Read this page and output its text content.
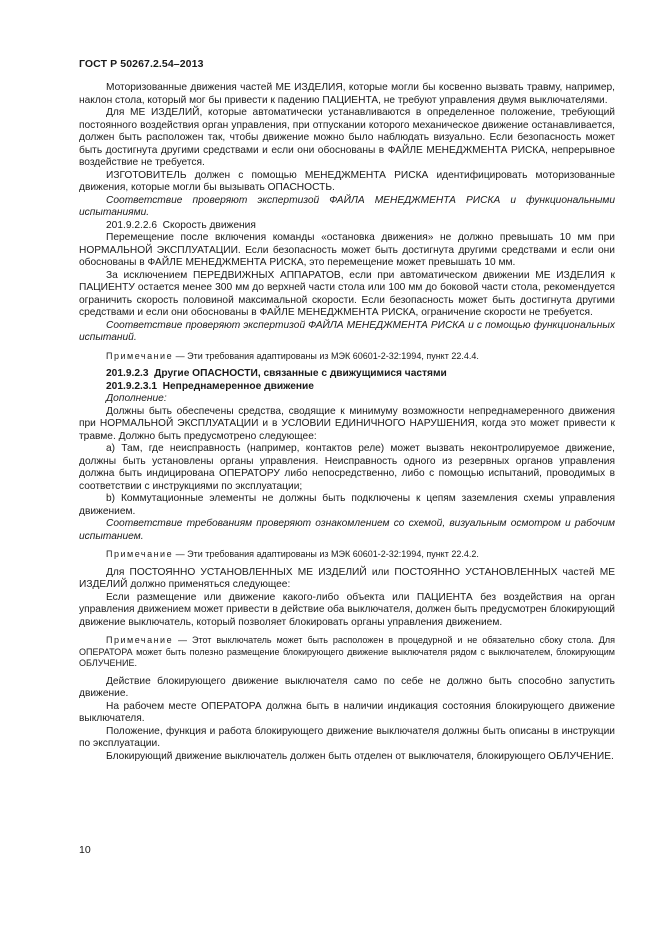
ГОСТ Р 50267.2.54–2013

Моторизованные движения частей МЕ ИЗДЕЛИЯ, которые могли бы косвенно вызвать травму, например, наклон стола, который мог бы привести к падению ПАЦИЕНТА, не требуют управления двумя выключателями.

Для МЕ ИЗДЕЛИЙ, которые автоматически устанавливаются в определенное положение, требующий постоянного воздействия орган управления, при отпускании которого механическое движение останавливается, должен быть расположен так, чтобы движение можно было наблюдать визуально. Если безопасность может быть достигнута другими средствами и если они обоснованы в ФАЙЛЕ МЕНЕДЖМЕНТА РИСКА, непрерывное воздействие не требуется.

ИЗГОТОВИТЕЛЬ должен с помощью МЕНЕДЖМЕНТА РИСКА идентифицировать моторизованные движения, которые могли бы вызывать ОПАСНОСТЬ.

Соответствие проверяют экспертизой ФАЙЛА МЕНЕДЖМЕНТА РИСКА и функциональными испытаниями.

201.9.2.2.6 Скорость движения

Перемещение после включения команды «остановка движения» не должно превышать 10 мм при НОРМАЛЬНОЙ ЭКСПЛУАТАЦИИ. Если безопасность может быть достигнута другими средствами и если они обоснованы в ФАЙЛЕ МЕНЕДЖМЕНТА РИСКА, это перемещение может превышать 10 мм.

За исключением ПЕРЕДВИЖНЫХ АППАРАТОВ, если при автоматическом движении МЕ ИЗДЕЛИЯ к ПАЦИЕНТУ остается менее 300 мм до верхней части стола или 100 мм до боковой части стола, рекомендуется ограничить скорость половиной максимальной скорости. Если безопасность может быть достигнута другими средствами и если они обоснованы в ФАЙЛЕ МЕНЕДЖМЕНТА РИСКА, ограничение скорости не требуется.

Соответствие проверяют экспертизой ФАЙЛА МЕНЕДЖМЕНТА РИСКА и с помощью функциональных испытаний.

Примечание — Эти требования адаптированы из МЭК 60601-2-32:1994, пункт 22.4.4.

201.9.2.3 Другие ОПАСНОСТИ, связанные с движущимися частями

201.9.2.3.1 Непреднамеренное движение

Дополнение:

Должны быть обеспечены средства, сводящие к минимуму возможности непреднамеренного движения при НОРМАЛЬНОЙ ЭКСПЛУАТАЦИИ и в УСЛОВИИ ЕДИНИЧНОГО НАРУШЕНИЯ, когда это может привести к травме. Должно быть предусмотрено следующее:

а) Там, где неисправность (например, контактов реле) может вызвать неконтролируемое движение, должны быть установлены органы управления. Неисправность одного из резервных органов управления должна быть индицирована ОПЕРАТОРУ либо непосредственно, либо с помощью испытаний, проводимых в соответствии с инструкциями по эксплуатации;

b) Коммутационные элементы не должны быть подключены к цепям заземления схемы управления движением.

Соответствие требованиям проверяют ознакомлением со схемой, визуальным осмотром и рабочим испытанием.

Примечание — Эти требования адаптированы из МЭК 60601-2-32:1994, пункт 22.4.2.

Для ПОСТОЯННО УСТАНОВЛЕННЫХ МЕ ИЗДЕЛИЙ или ПОСТОЯННО УСТАНОВЛЕННЫХ частей МЕ ИЗДЕЛИЙ должно применяться следующее:

Если размещение или движение какого-либо объекта или ПАЦИЕНТА без воздействия на орган управления движением может привести в действие оба выключателя, должен быть предусмотрен блокирующий движение выключатель, который позволяет блокировать органы управления движением.

Примечание — Этот выключатель может быть расположен в процедурной и не обязательно сбоку стола. Для ОПЕРАТОРА может быть полезно размещение блокирующего движение выключателя рядом с выключателем, блокирующим ОБЛУЧЕНИЕ.

Действие блокирующего движение выключателя само по себе не должно быть способно запустить движение.

На рабочем месте ОПЕРАТОРА должна быть в наличии индикация состояния блокирующего движение выключателя.

Положение, функция и работа блокирующего движение выключателя должны быть описаны в инструкции по эксплуатации.

Блокирующий движение выключатель должен быть отделен от выключателя, блокирующего ОБЛУЧЕНИЕ.

10
